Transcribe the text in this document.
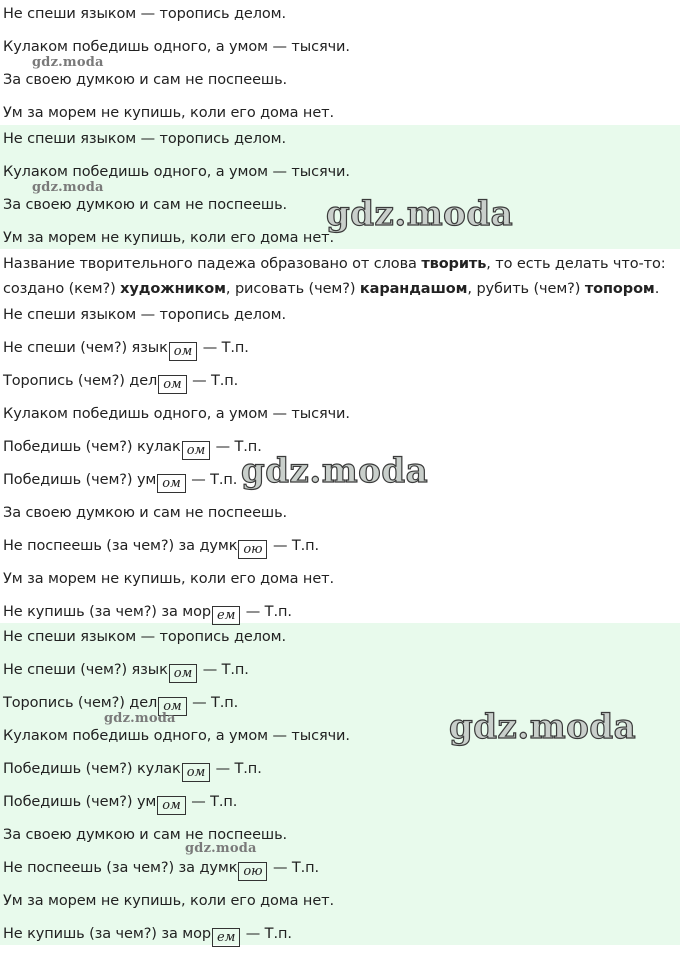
Не спеши языком — торопись делом.
Кулаком победишь одного, а умом — тысячи.
За своею думкою и сам не поспеешь.
Ум за морем не купишь, коли его дома нет.
Не спеши языком — торопись делом.
Кулаком победишь одного, а умом — тысячи.
За своею думкою и сам не поспеешь.
Ум за морем не купишь, коли его дома нет.
Название творительного падежа образовано от слова творить, то есть делать что-то:
создано (кем?) художником, рисовать (чем?) карандашом, рубить (чем?) топором.
Не спеши языком — торопись делом.
Не спеши (чем?) язык ом — Т.п.
Торопись (чем?) дел ом — Т.п.
Кулаком победишь одного, а умом — тысячи.
Победишь (чем?) кулак ом — Т.п.
Победишь (чем?) ум ом — Т.п.
За своею думкою и сам не поспеешь.
Не поспеешь (за чем?) за думк ою — Т.п.
Ум за морем не купишь, коли его дома нет.
Не купишь (за чем?) за мор ем — Т.п.
Не спеши языком — торопись делом.
Не спеши (чем?) язык ом — Т.п.
Торопись (чем?) дел ом — Т.п.
Кулаком победишь одного, а умом — тысячи.
Победишь (чем?) кулак ом — Т.п.
Победишь (чем?) ум ом — Т.п.
За своею думкою и сам не поспеешь.
Не поспеешь (за чем?) за думк ою — Т.п.
Ум за морем не купишь, коли его дома нет.
Не купишь (за чем?) за мор ем — Т.п.
gdz.moda
gdz.moda
gdz.moda
gdz.moda
gdz.moda
gdz.moda
gdz.moda
